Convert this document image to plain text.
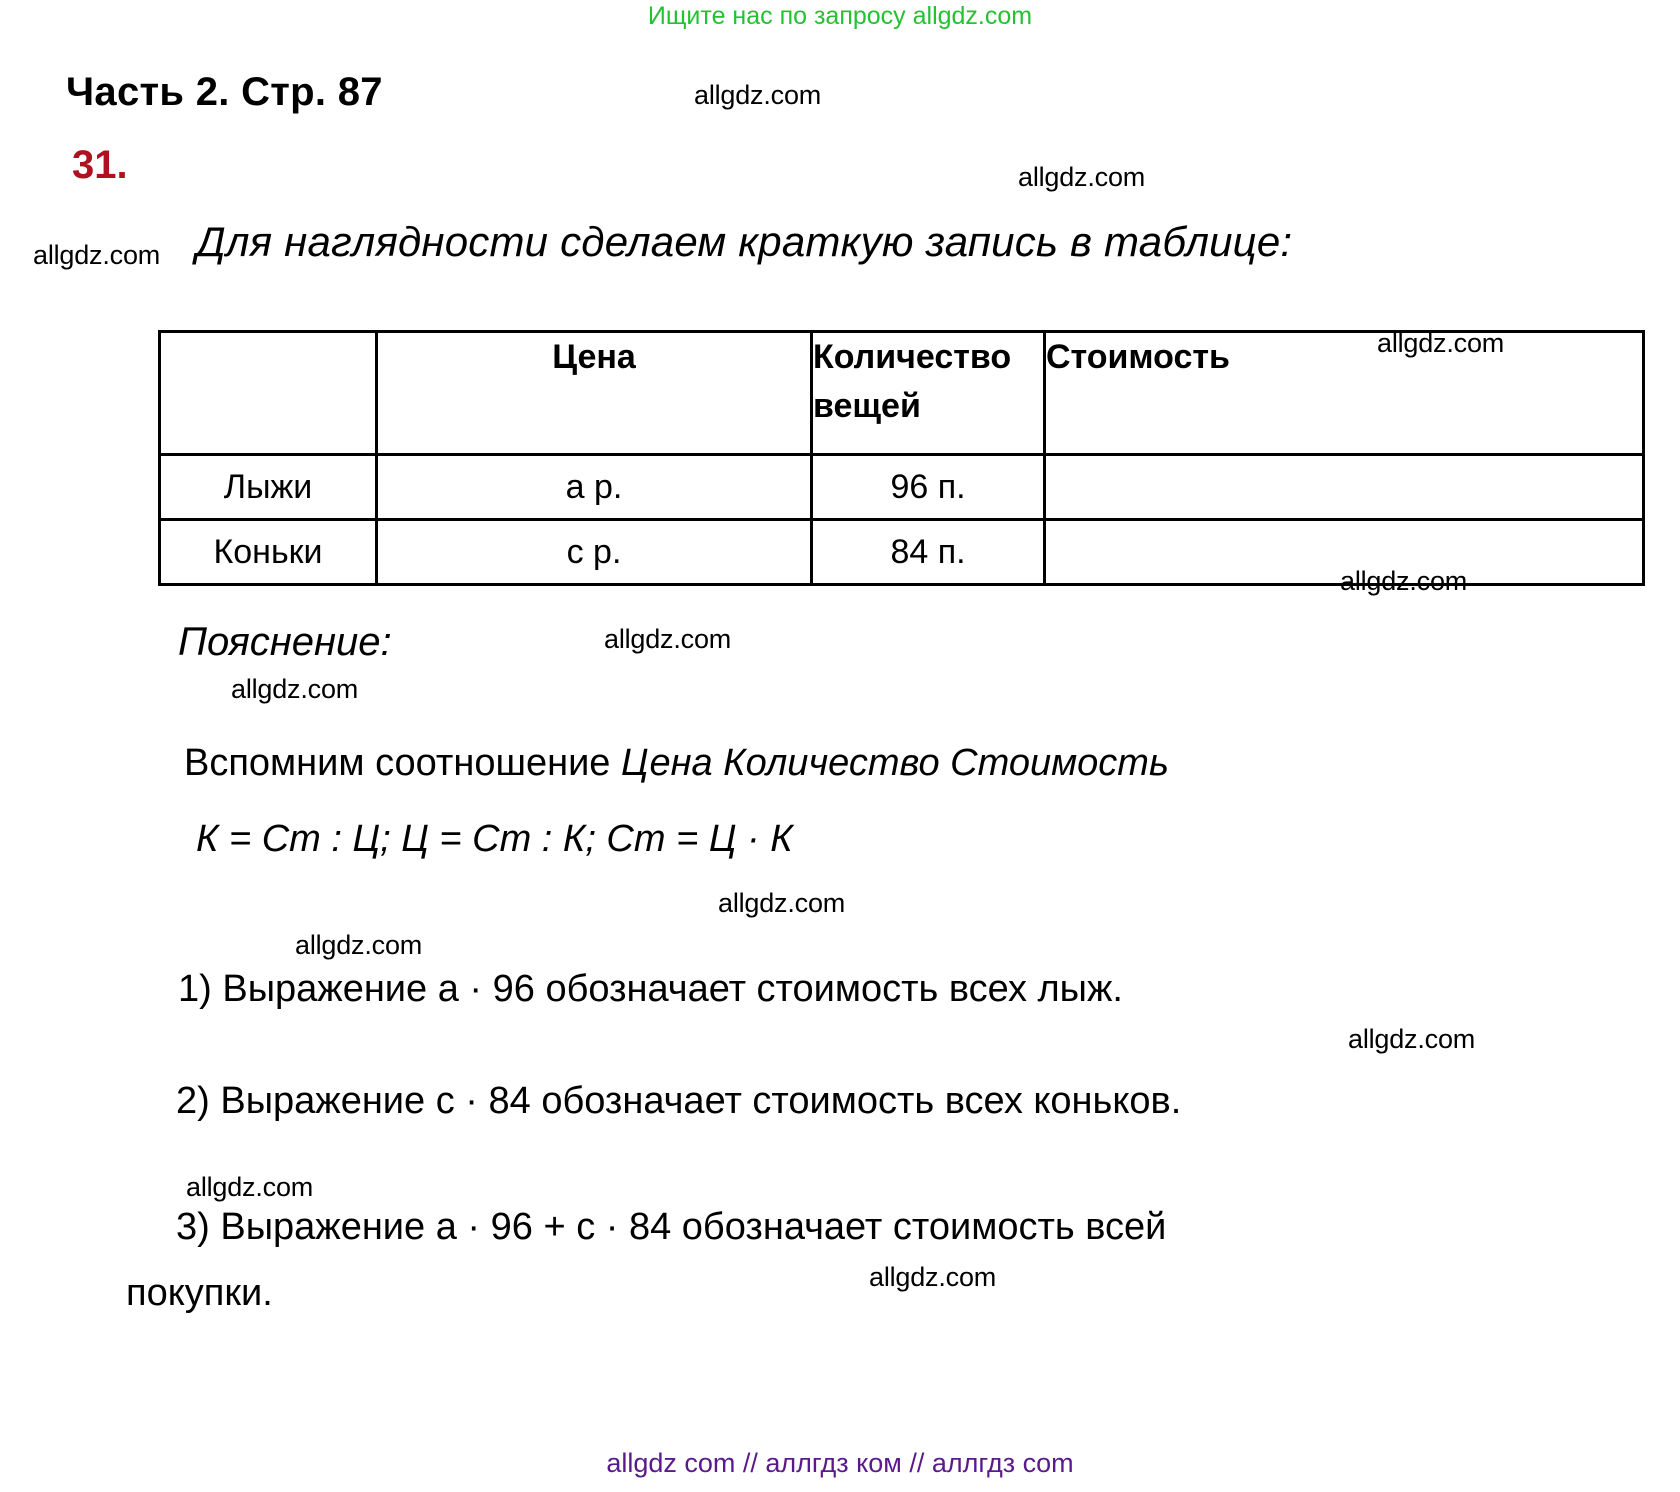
Ищите нас по запросу allgdz.com
Часть 2. Стр. 87
31.
Для наглядности сделаем краткую запись в таблице:
	Цена	Количество вещей	Стоимость
Лыжи	а р.	96 п.	
Коньки	с р.	84 п.	
Пояснение:
Вспомним соотношение Цена Количество Стоимость
К = Ст : Ц; Ц = Ст : К; Ст = Ц · К
1) Выражение а · 96 обозначает стоимость всех лыж.
2) Выражение с · 84 обозначает стоимость всех коньков.
3) Выражение а · 96 + с · 84 обозначает стоимость всей
покупки.
allgdz com // аллгдз ком // аллгдз com
allgdz.com
allgdz.com
allgdz.com
allgdz.com
allgdz.com
allgdz.com
allgdz.com
allgdz.com
allgdz.com
allgdz.com
allgdz.com
allgdz.com
